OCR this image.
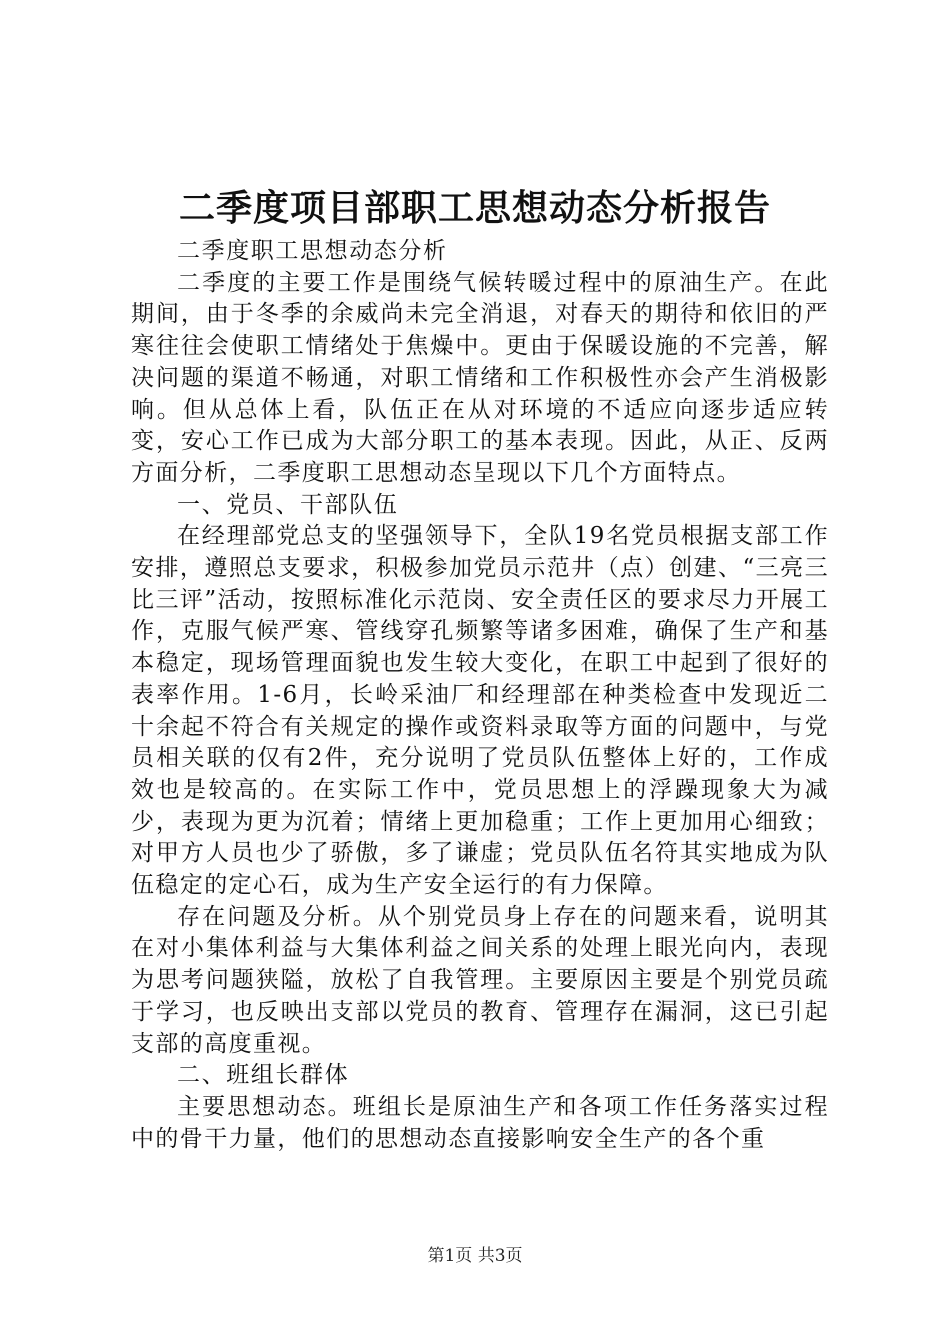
二季度项目部职工思想动态分析报告

二季度职工思想动态分析

二季度的主要工作是围绕气候转暖过程中的原油生产。在此期间，由于冬季的余威尚未完全消退，对春天的期待和依旧的严寒往往会使职工情绪处于焦燥中。更由于保暖设施的不完善，解决问题的渠道不畅通，对职工情绪和工作积极性亦会产生消极影响。但从总体上看，队伍正在从对环境的不适应向逐步适应转变，安心工作已成为大部分职工的基本表现。因此，从正、反两方面分析，二季度职工思想动态呈现以下几个方面特点。

一、党员、干部队伍

在经理部党总支的坚强领导下，全队19名党员根据支部工作安排，遵照总支要求，积极参加党员示范井（点）创建、“三亮三比三评”活动，按照标准化示范岗、安全责任区的要求尽力开展工作，克服气候严寒、管线穿孔频繁等诸多困难，确保了生产和基本稳定，现场管理面貌也发生较大变化，在职工中起到了很好的表率作用。1-6月，长岭采油厂和经理部在种类检查中发现近二十余起不符合有关规定的操作或资料录取等方面的问题中，与党员相关联的仅有2件，充分说明了党员队伍整体上好的，工作成效也是较高的。在实际工作中，党员思想上的浮躁现象大为减少，表现为更为沉着；情绪上更加稳重；工作上更加用心细致；对甲方人员也少了骄傲，多了谦虚；党员队伍名符其实地成为队伍稳定的定心石，成为生产安全运行的有力保障。

存在问题及分析。从个别党员身上存在的问题来看，说明其在对小集体利益与大集体利益之间关系的处理上眼光向内，表现为思考问题狭隘，放松了自我管理。主要原因主要是个别党员疏于学习，也反映出支部以党员的教育、管理存在漏洞，这已引起支部的高度重视。

二、班组长群体

主要思想动态。班组长是原油生产和各项工作任务落实过程中的骨干力量，他们的思想动态直接影响安全生产的各个重

第1页 共3页
